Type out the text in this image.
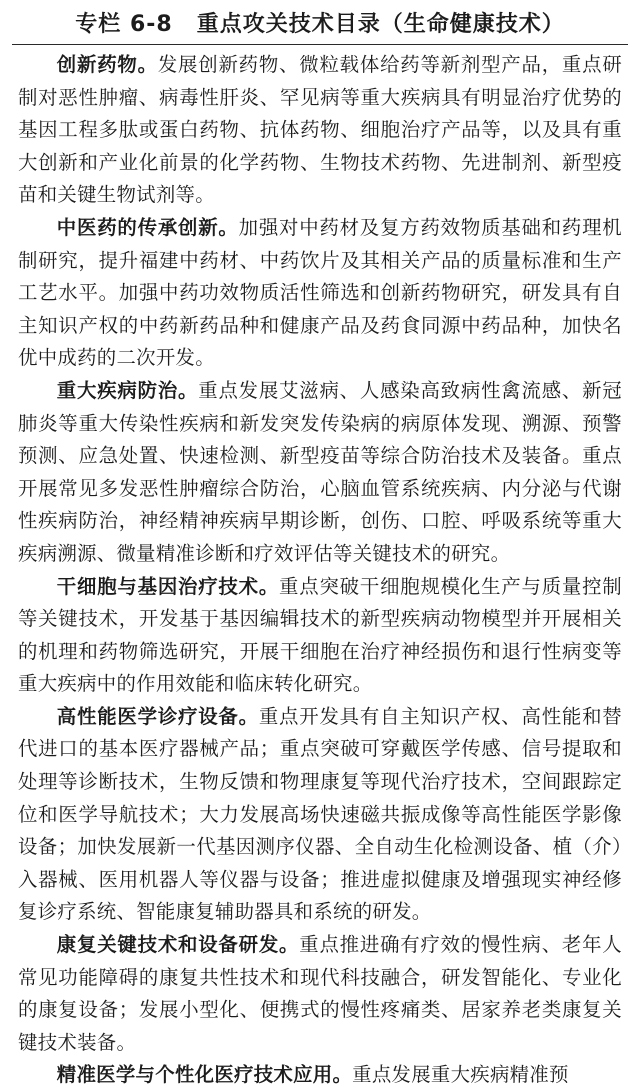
专栏 6-8 重点攻关技术目录（生命健康技术）

创新药物。发展创新药物、微粒载体给药等新剂型产品，重点研制对恶性肿瘤、病毒性肝炎、罕见病等重大疾病具有明显治疗优势的基因工程多肽或蛋白药物、抗体药物、细胞治疗产品等，以及具有重大创新和产业化前景的化学药物、生物技术药物、先进制剂、新型疫苗和关键生物试剂等。

中医药的传承创新。加强对中药材及复方药效物质基础和药理机制研究，提升福建中药材、中药饮片及其相关产品的质量标准和生产工艺水平。加强中药功效物质活性筛选和创新药物研究，研发具有自主知识产权的中药新药品种和健康产品及药食同源中药品种，加快名优中成药的二次开发。

重大疾病防治。重点发展艾滋病、人感染高致病性禽流感、新冠肺炎等重大传染性疾病和新发突发传染病的病原体发现、溯源、预警预测、应急处置、快速检测、新型疫苗等综合防治技术及装备。重点开展常见多发恶性肿瘤综合防治，心脑血管系统疾病、内分泌与代谢性疾病防治，神经精神疾病早期诊断，创伤、口腔、呼吸系统等重大疾病溯源、微量精准诊断和疗效评估等关键技术的研究。

干细胞与基因治疗技术。重点突破干细胞规模化生产与质量控制等关键技术，开发基于基因编辑技术的新型疾病动物模型并开展相关的机理和药物筛选研究，开展干细胞在治疗神经损伤和退行性病变等重大疾病中的作用效能和临床转化研究。

高性能医学诊疗设备。重点开发具有自主知识产权、高性能和替代进口的基本医疗器械产品；重点突破可穿戴医学传感、信号提取和处理等诊断技术，生物反馈和物理康复等现代治疗技术，空间跟踪定位和医学导航技术；大力发展高场快速磁共振成像等高性能医学影像设备；加快发展新一代基因测序仪器、全自动生化检测设备、植（介）入器械、医用机器人等仪器与设备；推进虚拟健康及增强现实神经修复诊疗系统、智能康复辅助器具和系统的研发。

康复关键技术和设备研发。重点推进确有疗效的慢性病、老年人常见功能障碍的康复共性技术和现代科技融合，研发智能化、专业化的康复设备；发展小型化、便携式的慢性疼痛类、居家养老类康复关键技术装备。

精准医学与个性化医疗技术应用。重点发展重大疾病精准预
